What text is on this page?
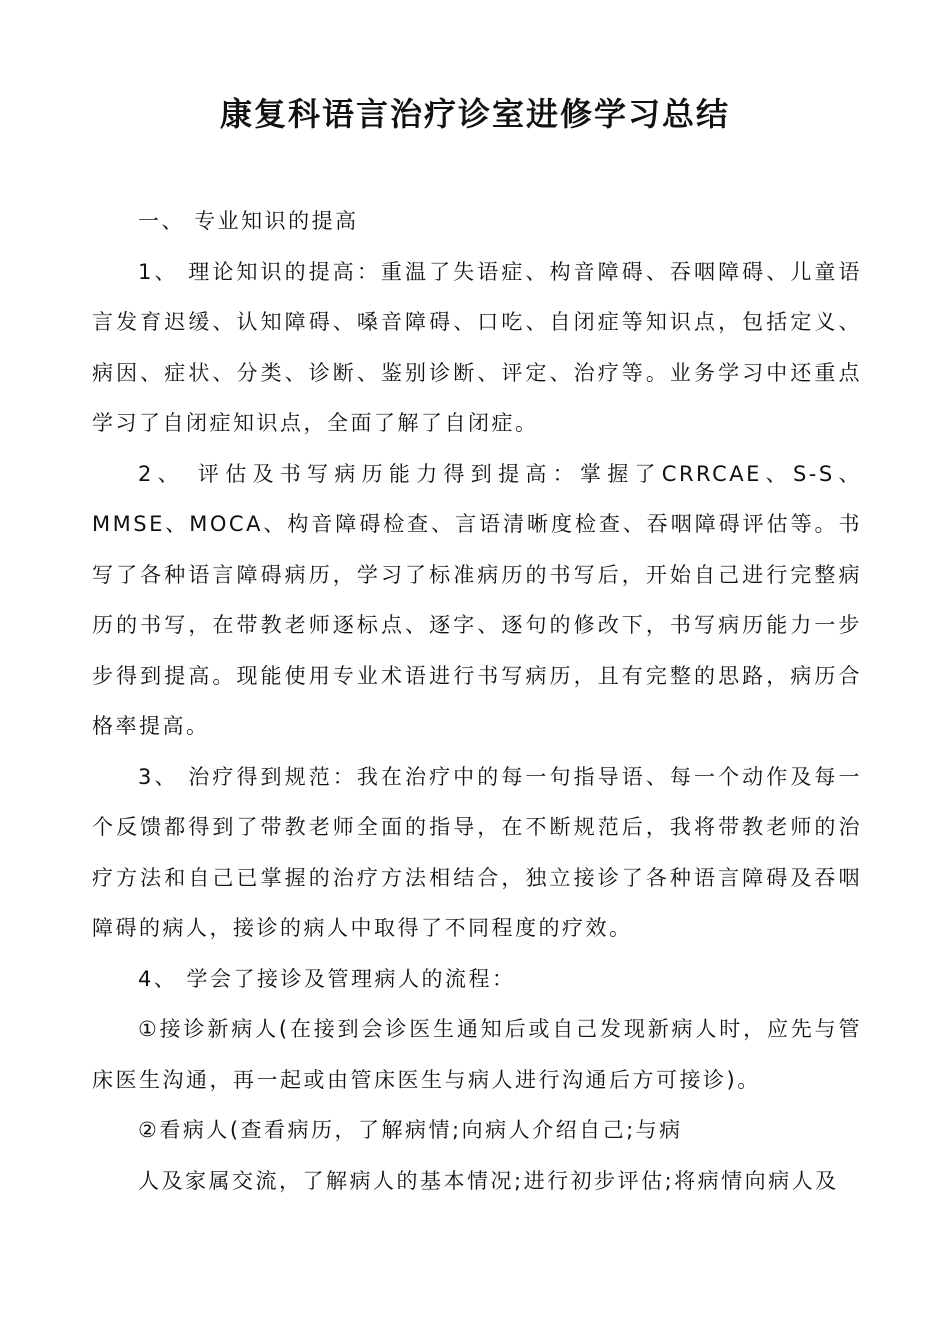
康复科语言治疗诊室进修学习总结

一、 专业知识的提高

1、 理论知识的提高：重温了失语症、构音障碍、吞咽障碍、儿童语言发育迟缓、认知障碍、嗓音障碍、口吃、自闭症等知识点，包括定义、病因、症状、分类、诊断、鉴别诊断、评定、治疗等。业务学习中还重点学习了自闭症知识点，全面了解了自闭症。

2、 评估及书写病历能力得到提高：掌握了CRRCAE、S-S、MMSE、MOCA、构音障碍检查、言语清晰度检查、吞咽障碍评估等。书写了各种语言障碍病历，学习了标准病历的书写后，开始自己进行完整病历的书写，在带教老师逐标点、逐字、逐句的修改下，书写病历能力一步步得到提高。现能使用专业术语进行书写病历，且有完整的思路，病历合格率提高。

3、 治疗得到规范：我在治疗中的每一句指导语、每一个动作及每一个反馈都得到了带教老师全面的指导，在不断规范后，我将带教老师的治疗方法和自己已掌握的治疗方法相结合，独立接诊了各种语言障碍及吞咽障碍的病人，接诊的病人中取得了不同程度的疗效。

4、 学会了接诊及管理病人的流程：

①接诊新病人(在接到会诊医生通知后或自己发现新病人时，应先与管床医生沟通，再一起或由管床医生与病人进行沟通后方可接诊)。

②看病人(查看病历，了解病情;向病人介绍自己;与病

人及家属交流，了解病人的基本情况;进行初步评估;将病情向病人及
